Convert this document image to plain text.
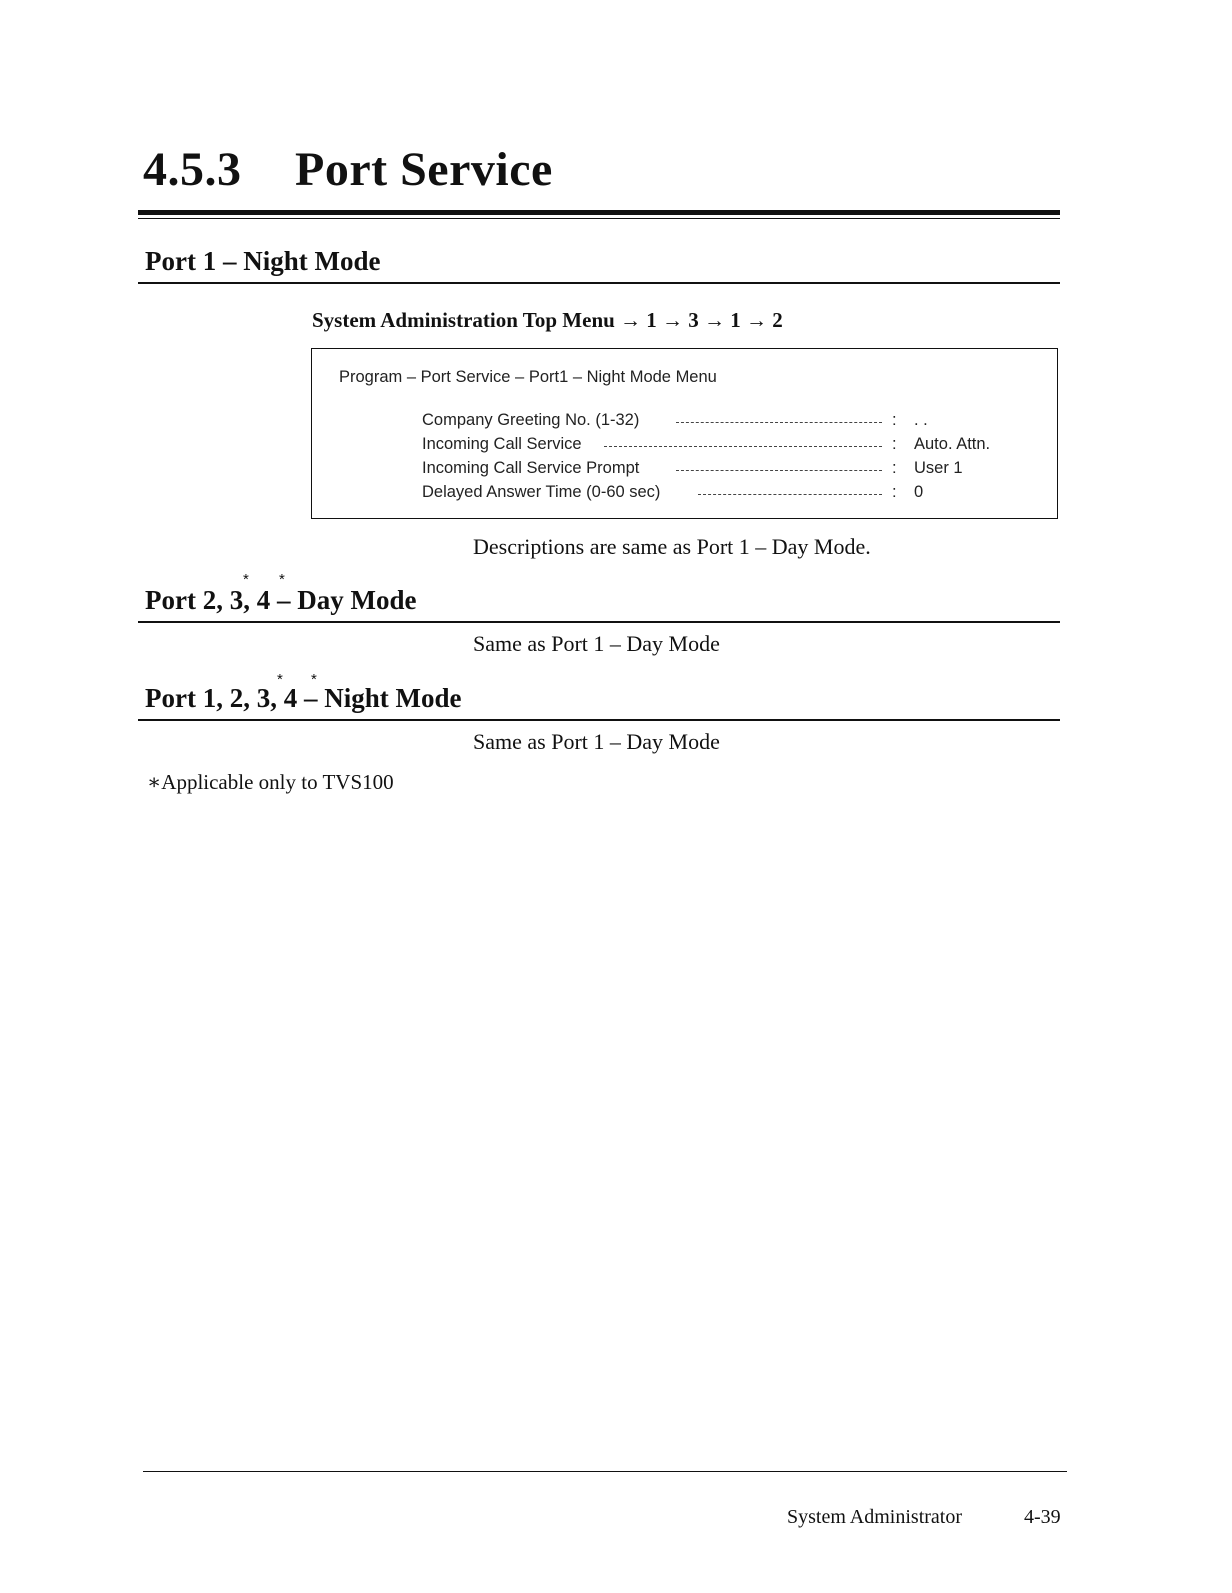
4.5.3 Port Service
Port 1 – Night Mode
System Administration Top Menu → 1 → 3 → 1 → 2
Program – Port Service – Port1 – Night Mode Menu
Company Greeting No. (1-32)	: . .
Incoming Call Service	: Auto. Attn.
Incoming Call Service Prompt	: User 1
Delayed Answer Time (0-60 sec)	: 0
Descriptions are same as Port 1 – Day Mode.
* *
Port 2, 3, 4 – Day Mode
Same as Port 1 – Day Mode
* *
Port 1, 2, 3, 4 – Night Mode
Same as Port 1 – Day Mode
∗Applicable only to TVS100
System Administrator	4-39
